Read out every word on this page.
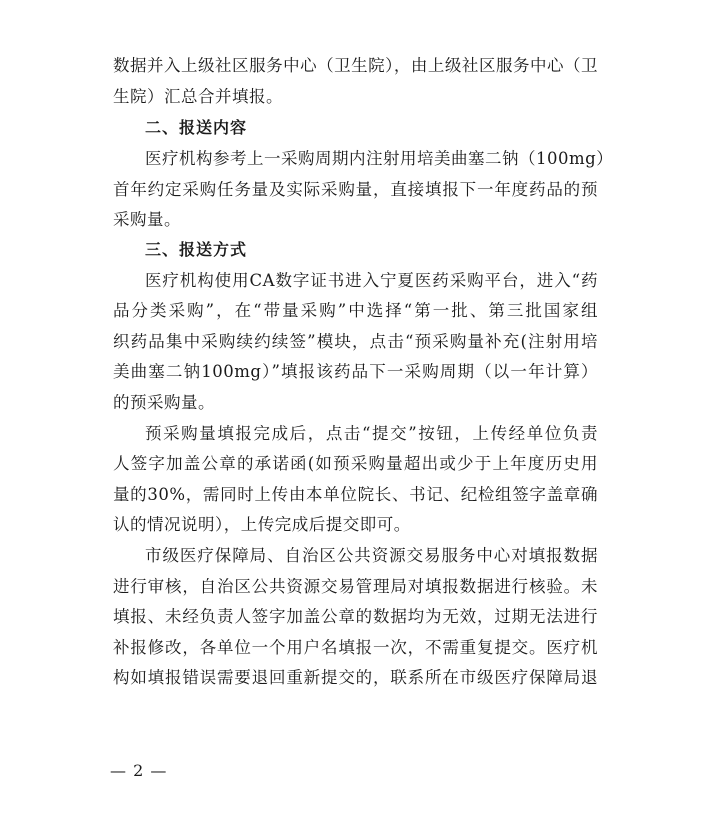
数据并入上级社区服务中心（卫生院），由上级社区服务中心（卫
生院）汇总合并填报。
二、报送内容
医疗机构参考上一采购周期内注射用培美曲塞二钠（100mg）
首年约定采购任务量及实际采购量，直接填报下一年度药品的预
采购量。
三、报送方式
医疗机构使用CA数字证书进入宁夏医药采购平台，进入“药
品分类采购”，在“带量采购”中选择“第一批、第三批国家组
织药品集中采购续约续签”模块，点击“预采购量补充(注射用培
美曲塞二钠100mg）”填报该药品下一采购周期（以一年计算）
的预采购量。
预采购量填报完成后，点击“提交”按钮，上传经单位负责
人签字加盖公章的承诺函(如预采购量超出或少于上年度历史用
量的30%，需同时上传由本单位院长、书记、纪检组签字盖章确
认的情况说明），上传完成后提交即可。
市级医疗保障局、自治区公共资源交易服务中心对填报数据
进行审核，自治区公共资源交易管理局对填报数据进行核验。未
填报、未经负责人签字加盖公章的数据均为无效，过期无法进行
补报修改，各单位一个用户名填报一次，不需重复提交。医疗机
构如填报错误需要退回重新提交的，联系所在市级医疗保障局退
— 2 —
